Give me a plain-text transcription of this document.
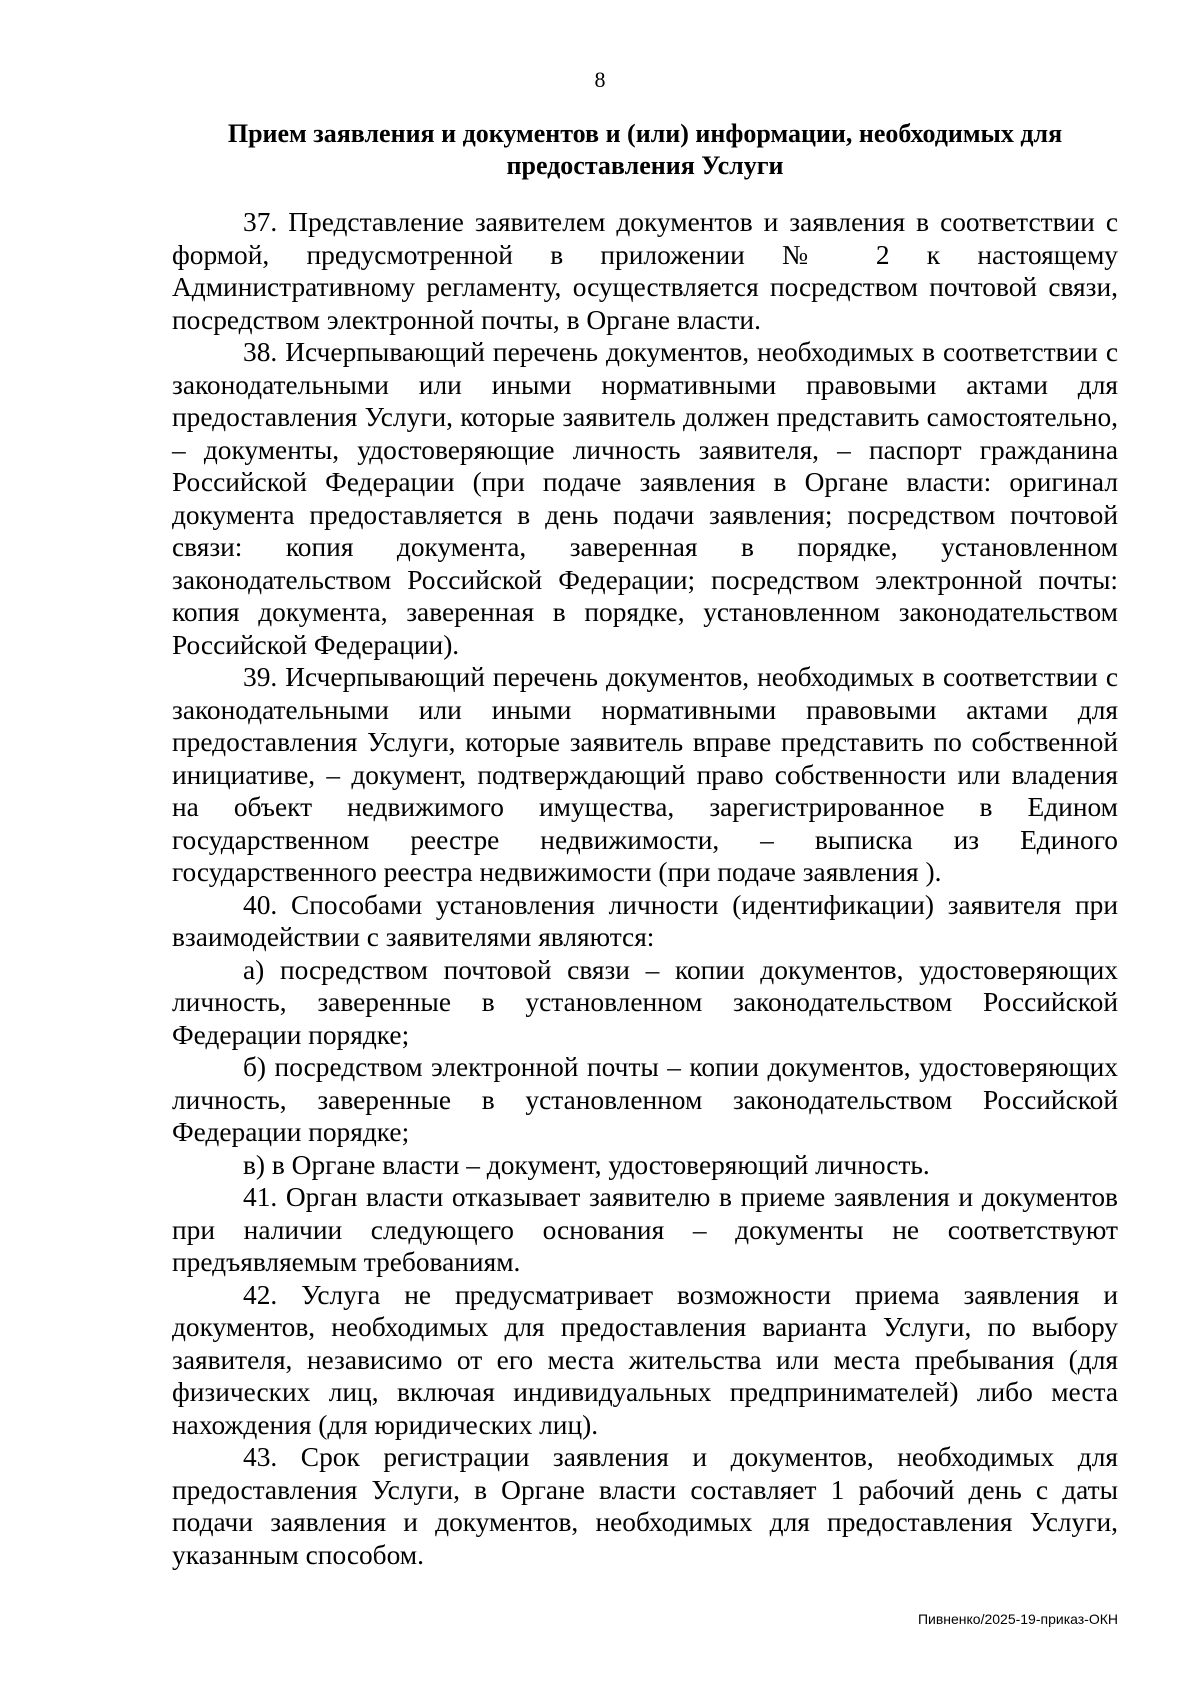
8
Прием заявления и документов и (или) информации, необходимых для предоставления Услуги

37. Представление заявителем документов и заявления в соответствии с формой, предусмотренной в приложении № 2 к настоящему Административному регламенту, осуществляется посредством почтовой связи, посредством электронной почты, в Органе власти.

38. Исчерпывающий перечень документов, необходимых в соответствии с законодательными или иными нормативными правовыми актами для предоставления Услуги, которые заявитель должен представить самостоятельно, – документы, удостоверяющие личность заявителя, – паспорт гражданина Российской Федерации (при подаче заявления в Органе власти: оригинал документа предоставляется в день подачи заявления; посредством почтовой связи: копия документа, заверенная в порядке, установленном законодательством Российской Федерации; посредством электронной почты: копия документа, заверенная в порядке, установленном законодательством Российской Федерации).

39. Исчерпывающий перечень документов, необходимых в соответствии с законодательными или иными нормативными правовыми актами для предоставления Услуги, которые заявитель вправе представить по собственной инициативе, – документ, подтверждающий право собственности или владения на объект недвижимого имущества, зарегистрированное в Едином государственном реестре недвижимости, – выписка из Единого государственного реестра недвижимости (при подаче заявления ).

40. Способами установления личности (идентификации) заявителя при взаимодействии с заявителями являются:

а) посредством почтовой связи – копии документов, удостоверяющих личность, заверенные в установленном законодательством Российской Федерации порядке;

б) посредством электронной почты – копии документов, удостоверяющих личность, заверенные в установленном законодательством Российской Федерации порядке;

в) в Органе власти – документ, удостоверяющий личность.

41. Орган власти отказывает заявителю в приеме заявления и документов при наличии следующего основания – документы не соответствуют предъявляемым требованиям.

42. Услуга не предусматривает возможности приема заявления и документов, необходимых для предоставления варианта Услуги, по выбору заявителя, независимо от его места жительства или места пребывания (для физических лиц, включая индивидуальных предпринимателей) либо места нахождения (для юридических лиц).

43. Срок регистрации заявления и документов, необходимых для предоставления Услуги, в Органе власти составляет 1 рабочий день с даты подачи заявления и документов, необходимых для предоставления Услуги, указанным способом.

Пивненко/2025-19-приказ-ОКН
